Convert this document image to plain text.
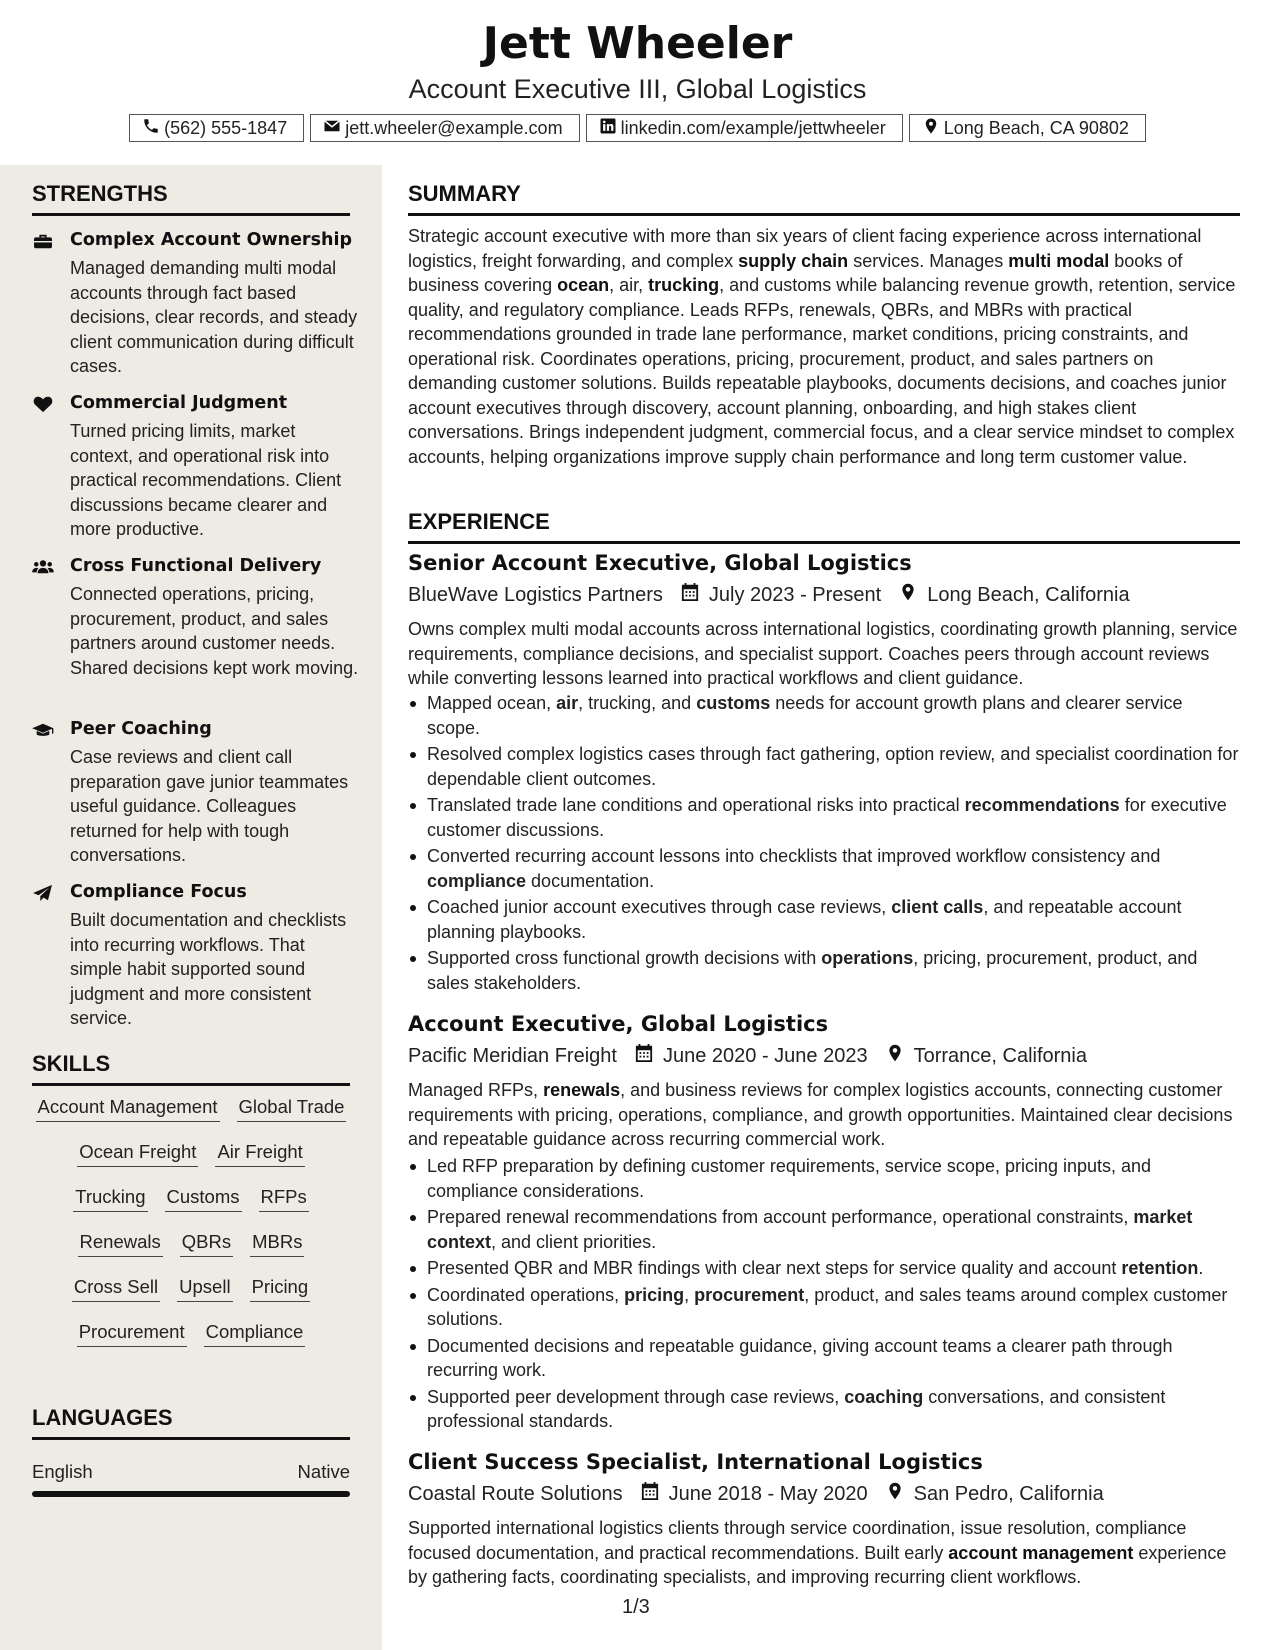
Jett Wheeler
Account Executive III, Global Logistics
(562) 555-1847	jett.wheeler@example.com	linkedin.com/example/jettwheeler	Long Beach, CA 90802
STRENGTHS
Complex Account Ownership
Managed demanding multi modal accounts through fact based decisions, clear records, and steady client communication during difficult cases.
Commercial Judgment
Turned pricing limits, market context, and operational risk into practical recommendations. Client discussions became clearer and more productive.
Cross Functional Delivery
Connected operations, pricing, procurement, product, and sales partners around customer needs. Shared decisions kept work moving.
Peer Coaching
Case reviews and client call preparation gave junior teammates useful guidance. Colleagues returned for help with tough conversations.
Compliance Focus
Built documentation and checklists into recurring workflows. That simple habit supported sound judgment and more consistent service.
SKILLS
Account Management Global Trade
Ocean Freight Air Freight
Trucking Customs RFPs
Renewals QBRs MBRs
Cross Sell Upsell Pricing
Procurement Compliance
LANGUAGES
English	Native
SUMMARY
Strategic account executive with more than six years of client facing experience across international logistics, freight forwarding, and complex supply chain services. Manages multi modal books of business covering ocean, air, trucking, and customs while balancing revenue growth, retention, service quality, and regulatory compliance. Leads RFPs, renewals, QBRs, and MBRs with practical recommendations grounded in trade lane performance, market conditions, pricing constraints, and operational risk. Coordinates operations, pricing, procurement, product, and sales partners on demanding customer solutions. Builds repeatable playbooks, documents decisions, and coaches junior account executives through discovery, account planning, onboarding, and high stakes client conversations. Brings independent judgment, commercial focus, and a clear service mindset to complex accounts, helping organizations improve supply chain performance and long term customer value.
EXPERIENCE
Senior Account Executive, Global Logistics
BlueWave Logistics Partners July 2023 - Present Long Beach, California
Owns complex multi modal accounts across international logistics, coordinating growth planning, service requirements, compliance decisions, and specialist support. Coaches peers through account reviews while converting lessons learned into practical workflows and client guidance.
Mapped ocean, air, trucking, and customs needs for account growth plans and clearer service scope.
Resolved complex logistics cases through fact gathering, option review, and specialist coordination for dependable client outcomes.
Translated trade lane conditions and operational risks into practical recommendations for executive customer discussions.
Converted recurring account lessons into checklists that improved workflow consistency and compliance documentation.
Coached junior account executives through case reviews, client calls, and repeatable account planning playbooks.
Supported cross functional growth decisions with operations, pricing, procurement, product, and sales stakeholders.
Account Executive, Global Logistics
Pacific Meridian Freight June 2020 - June 2023 Torrance, California
Managed RFPs, renewals, and business reviews for complex logistics accounts, connecting customer requirements with pricing, operations, compliance, and growth opportunities. Maintained clear decisions and repeatable guidance across recurring commercial work.
Led RFP preparation by defining customer requirements, service scope, pricing inputs, and compliance considerations.
Prepared renewal recommendations from account performance, operational constraints, market context, and client priorities.
Presented QBR and MBR findings with clear next steps for service quality and account retention.
Coordinated operations, pricing, procurement, product, and sales teams around complex customer solutions.
Documented decisions and repeatable guidance, giving account teams a clearer path through recurring work.
Supported peer development through case reviews, coaching conversations, and consistent professional standards.
Client Success Specialist, International Logistics
Coastal Route Solutions June 2018 - May 2020 San Pedro, California
Supported international logistics clients through service coordination, issue resolution, compliance focused documentation, and practical recommendations. Built early account management experience by gathering facts, coordinating specialists, and improving recurring client workflows.
1/3
